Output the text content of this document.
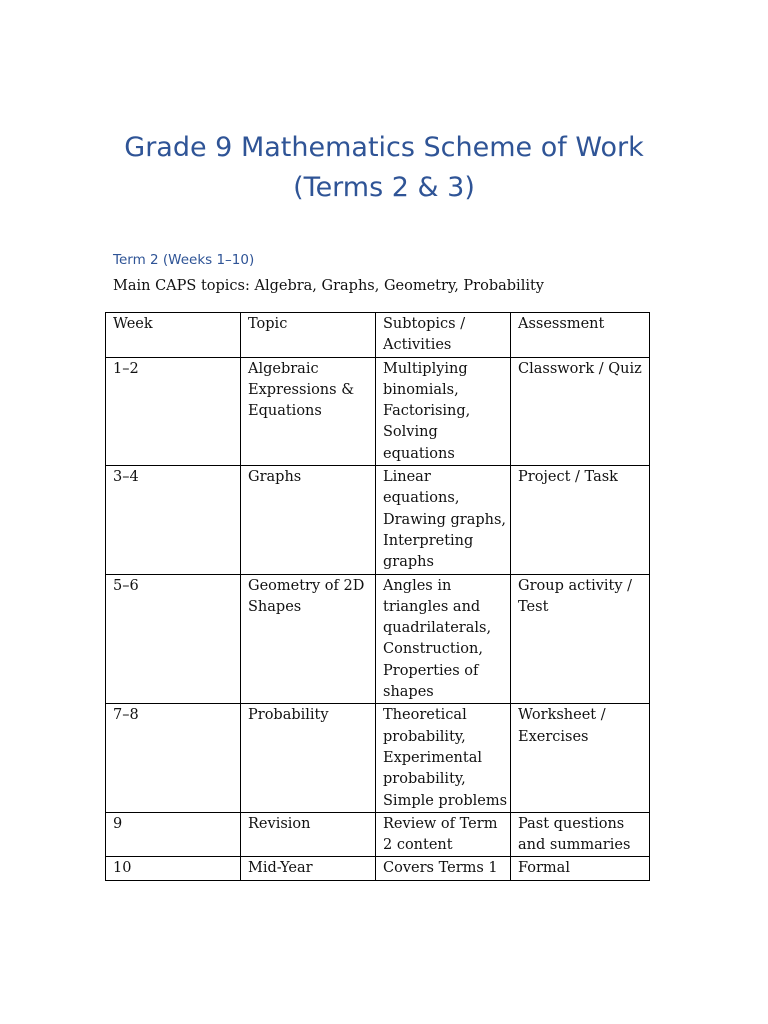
Grade 9 Mathematics Scheme of Work
(Terms 2 & 3)
Term 2 (Weeks 1–10)
Main CAPS topics: Algebra, Graphs, Geometry, Probability
Week	Topic	Subtopics / Activities	Assessment
1–2	Algebraic Expressions & Equations	Multiplying binomials, Factorising, Solving equations	Classwork / Quiz
3–4	Graphs	Linear equations, Drawing graphs, Interpreting graphs	Project / Task
5–6	Geometry of 2D Shapes	Angles in triangles and quadrilaterals, Construction, Properties of shapes	Group activity / Test
7–8	Probability	Theoretical probability, Experimental probability, Simple problems	Worksheet / Exercises
9	Revision	Review of Term 2 content	Past questions and summaries
10	Mid-Year	Covers Terms 1	Formal
